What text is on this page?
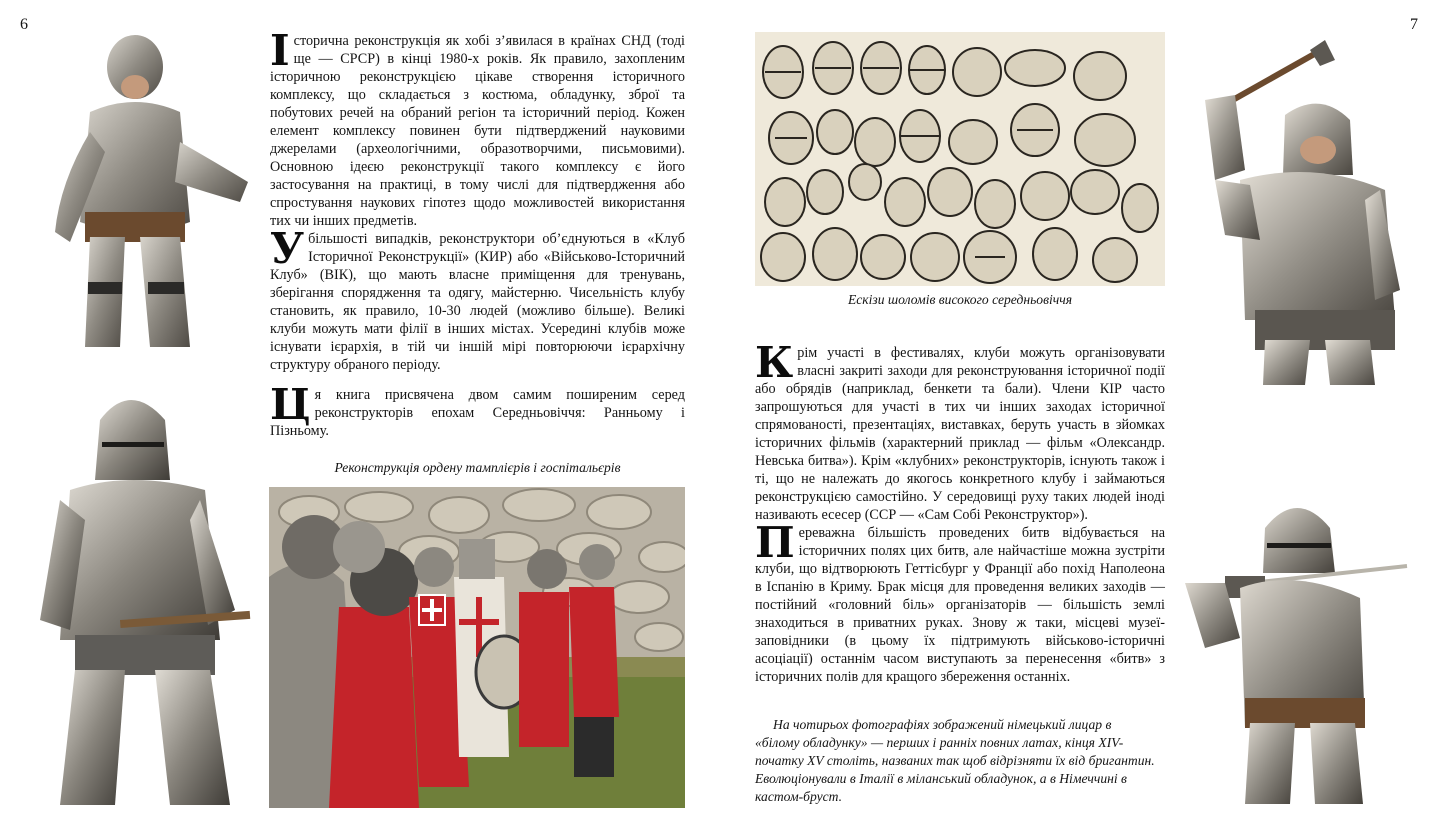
6

Історична реконструкція як хобі з’явилася в країнах СНД (тоді ще — СРСР) в кінці 1980-х років. Як правило, захопленим історичною реконструкцією цікаве створення історичного комплексу, що складається з костюма, обладунку, зброї та побутових речей на обраний регіон та історичний період. Кожен елемент комплексу повинен бути підтверджений науковими джерелами (археологічними, образотворчими, письмовими). Основною ідеєю реконструкції такого комплексу є його застосування на практиці, в тому числі для підтвердження або спростування наукових гіпотез щодо можливостей використання тих чи інших предметів.

Убільшості випадків, реконструктори об’єднуються в «Клуб Історичної Реконструкції» (КИР) або «Військово-Історичний Клуб» (ВІК), що мають власне приміщення для тренувань, зберігання спорядження та одягу, майстерню. Чисельність клубу становить, як правило, 10-30 людей (можливо більше). Великі клуби можуть мати філії в інших містах. Усередині клубів може існувати ієрархія, в тій чи іншій мірі повторюючи ієрархічну структуру обраного періоду.

Ця книга присвячена двом самим поширеним серед реконструкторів епохам Середньовіччя: Ранньому і Пізньому.

Реконструкція ордену тамплієрів і госпітальєрів
7
Ескізи шоломів високого середньовіччя

Крім участі в фестивалях, клуби можуть організовувати власні закриті заходи для реконструювання історичної події або обрядів (наприклад, бенкети та бали). Члени КІР часто запрошуються для участі в тих чи інших заходах історичної спрямованості, презентаціях, виставках, беруть участь в зйомках історичних фільмів (характерний приклад — фільм «Олександр. Невська битва»). Крім «клубних» реконструкторів, існують також і ті, що не належать до якогось конкретного клубу і займаються реконструкцією самостійно. У середовищі руху таких людей іноді називають есесер (ССР — «Сам Собі Реконструктор»).

Переважна більшість проведених битв відбувається на історичних полях цих битв, але найчастіше можна зустріти клуби, що відтворюють Геттісбург у Франції або похід Наполеона в Іспанію в Криму. Брак місця для проведення великих заходів — постійний «головний біль» організаторів — більшість землі знаходиться в приватних руках. Знову ж таки, місцеві музеї-заповідники (в цьому їх підтримують військово-історичні асоціації) останнім часом виступають за перенесення «битв» з історичних полів для кращого збереження останніх.

На чотирьох фотографіях зображений німецький лицар в «білому обладунку» — перших і ранніх повних латах, кінця XIV-початку XV століть, названих так щоб відрізняти їх від бригантин. Еволюціонували в Італії в міланський обладунок, а в Німеччині в кастом-бруст.
